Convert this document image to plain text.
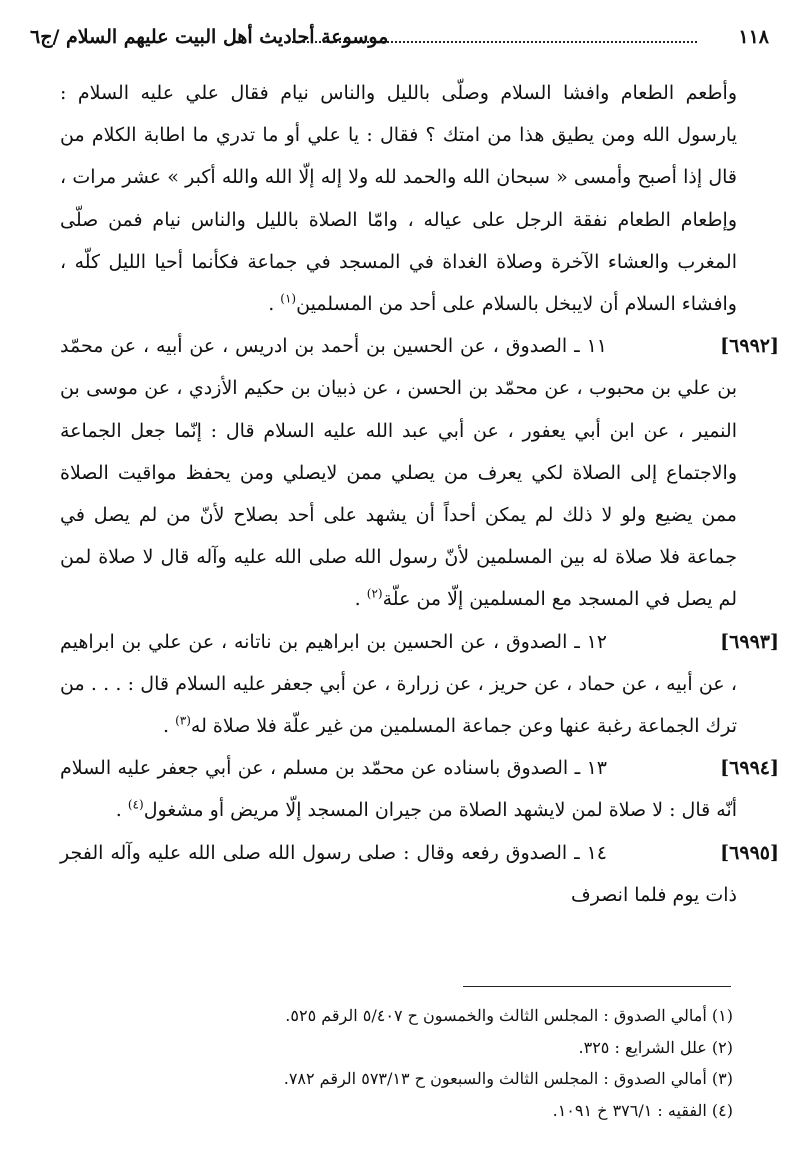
١١٨
موسوعة أحاديث أهل البيت عليهم السلام /ج٦

وأطعم الطعام وافشا السلام وصلّى بالليل والناس نيام فقال علي عليه السلام : يارسول الله ومن يطيق هذا من امتك ؟ فقال : يا علي أو ما تدري ما اطابة الكلام من قال إذا أصبح وأمسى « سبحان الله والحمد لله ولا إله إلّا الله والله أكبر » عشر مرات ، وإطعام الطعام نفقة الرجل على عياله ، وامّا الصلاة بالليل والناس نيام فمن صلّى المغرب والعشاء الآخرة وصلاة الغداة في المسجد في جماعة فكأنما أحيا الليل كلّه ، وافشاء السلام أن لايبخل بالسلام على أحد من المسلمين$^{(١)}$ .

[٦٩٩٢]
١١ ـ الصدوق ، عن الحسين بن أحمد بن ادريس ، عن أبيه ، عن محمّد بن علي بن محبوب ، عن محمّد بن الحسن ، عن ذبيان بن حكيم الأزدي ، عن موسى بن النمير ، عن ابن أبي يعفور ، عن أبي عبد الله عليه السلام قال : إنّما جعل الجماعة والاجتماع إلى الصلاة لكي يعرف من يصلي ممن لايصلي ومن يحفظ مواقيت الصلاة ممن يضيع ولو لا ذلك لم يمكن أحداً أن يشهد على أحد بصلاح لأنّ من لم يصل في جماعة فلا صلاة له بين المسلمين لأنّ رسول الله صلى الله عليه وآله قال لا صلاة لمن لم يصل في المسجد مع المسلمين إلّا من علّة$^{(٢)}$ .

[٦٩٩٣]
١٢ ـ الصدوق ، عن الحسين بن ابراهيم بن ناتانه ، عن علي بن ابراهيم ، عن أبيه ، عن حماد ، عن حريز ، عن زرارة ، عن أبي جعفر عليه السلام قال : . . . من ترك الجماعة رغبة عنها وعن جماعة المسلمين من غير علّة فلا صلاة له$^{(٣)}$ .

[٦٩٩٤]
١٣ ـ الصدوق باسناده عن محمّد بن مسلم ، عن أبي جعفر عليه السلام أنّه قال : لا صلاة لمن لايشهد الصلاة من جيران المسجد إلّا مريض أو مشغول$^{(٤)}$ .

[٦٩٩٥]
١٤ ـ الصدوق رفعه وقال : صلى رسول الله صلى الله عليه وآله الفجر ذات يوم فلما انصرف

(١) أمالي الصدوق : المجلس الثالث والخمسون ح ٥/٤٠٧ الرقم ٥٢٥.
(٢) علل الشرايع : ٣٢٥.
(٣) أمالي الصدوق : المجلس الثالث والسبعون ح ٥٧٣/١٣ الرقم ٧٨٢.
(٤) الفقيه : ٣٧٦/١ خ ١٠٩١.
